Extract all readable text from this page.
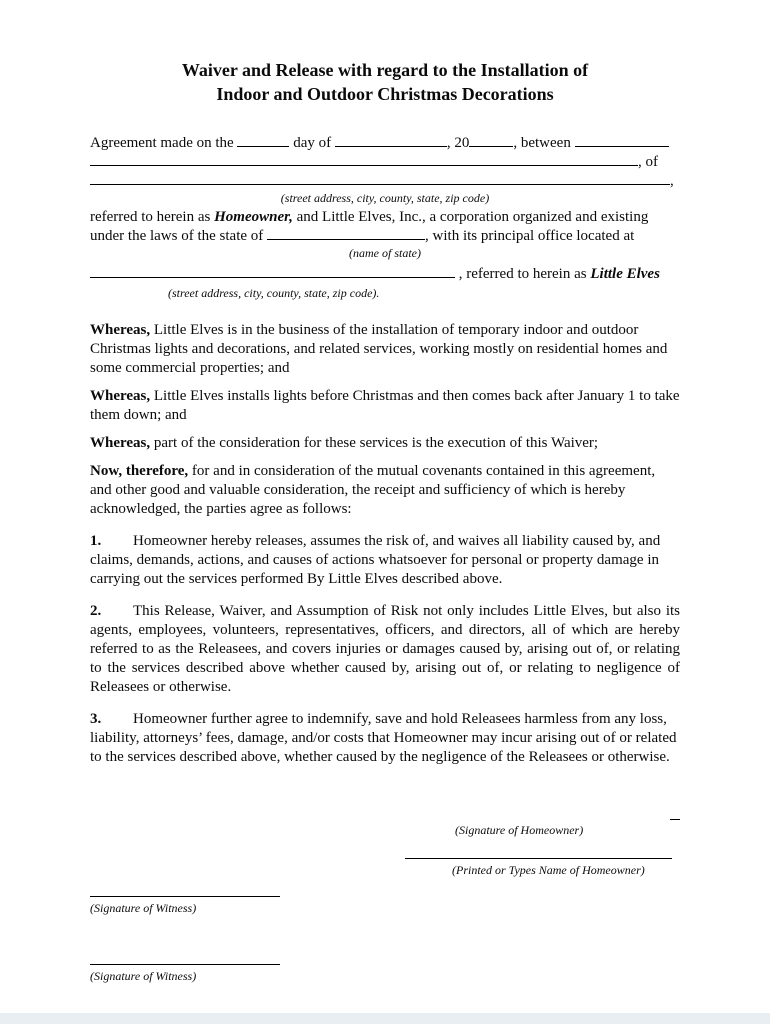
Waiver and Release with regard to the Installation of
Indoor and Outdoor Christmas Decorations
Agreement made on the	day of	, 20	, between
, of
,
(street address, city, county, state, zip code)
referred to herein as Homeowner, and Little Elves, Inc., a corporation organized and existing under the laws of the state of	, with its principal office located at
(name of state)
, referred to herein as Little Elves
(street address, city, county, state, zip code).
Whereas, Little Elves is in the business of the installation of temporary indoor and outdoor Christmas lights and decorations, and related services, working mostly on residential homes and some commercial properties; and
Whereas, Little Elves installs lights before Christmas and then comes back after January 1 to take them down; and
Whereas, part of the consideration for these services is the execution of this Waiver;
Now, therefore, for and in consideration of the mutual covenants contained in this agreement, and other good and valuable consideration, the receipt and sufficiency of which is hereby acknowledged, the parties agree as follows:
1. Homeowner hereby releases, assumes the risk of, and waives all liability caused by, and claims, demands, actions, and causes of actions whatsoever for personal or property damage in carrying out the services performed By Little Elves described above.
2. This Release, Waiver, and Assumption of Risk not only includes Little Elves, but also its agents, employees, volunteers, representatives, officers, and directors, all of which are hereby referred to as the Releasees, and covers injuries or damages caused by, arising out of, or relating to the services described above whether caused by, arising out of, or relating to negligence of Releasees or otherwise.
3. Homeowner further agree to indemnify, save and hold Releasees harmless from any loss, liability, attorneys’ fees, damage, and/or costs that Homeowner may incur arising out of or related to the services described above, whether caused by the negligence of the Releasees or otherwise.
(Signature of Homeowner)
(Printed or Types Name of Homeowner)
(Signature of Witness)
(Signature of Witness)
